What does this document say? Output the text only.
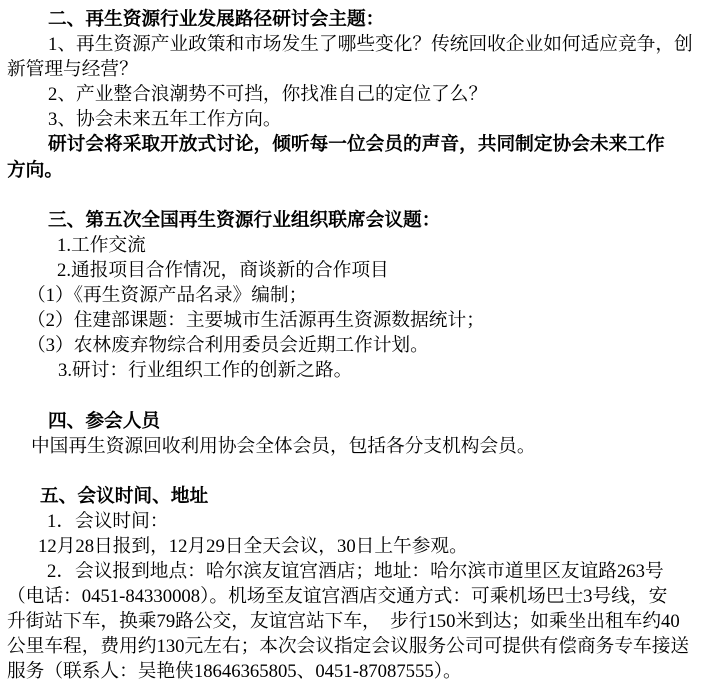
二、再生资源行业发展路径研讨会主题：

1、再生资源产业政策和市场发生了哪些变化？传统回收企业如何适应竞争，创

新管理与经营？

2、产业整合浪潮势不可挡，你找准自己的定位了么？

3、协会未来五年工作方向。

研讨会将采取开放式讨论，倾听每一位会员的声音，共同制定协会未来工作

方向。

三、第五次全国再生资源行业组织联席会议题：

1.工作交流

2.通报项目合作情况，商谈新的合作项目

（1）《再生资源产品名录》编制；

（2）住建部课题：主要城市生活源再生资源数据统计；

（3）农林废弃物综合利用委员会近期工作计划。

3.研讨：行业组织工作的创新之路。

四、参会人员

中国再生资源回收利用协会全体会员，包括各分支机构会员。

五、会议时间、地址

1．会议时间：

12月28日报到，12月29日全天会议，30日上午参观。

2．会议报到地点：哈尔滨友谊宫酒店；地址：哈尔滨市道里区友谊路263号

（电话：0451-84330008）。机场至友谊宫酒店交通方式：可乘机场巴士3号线，安

升街站下车，换乘79路公交，友谊宫站下车，　步行150米到达；如乘坐出租车约40

公里车程，费用约130元左右；本次会议指定会议服务公司可提供有偿商务专车接送

服务（联系人：吴艳侠18646365805、0451-87087555）。
